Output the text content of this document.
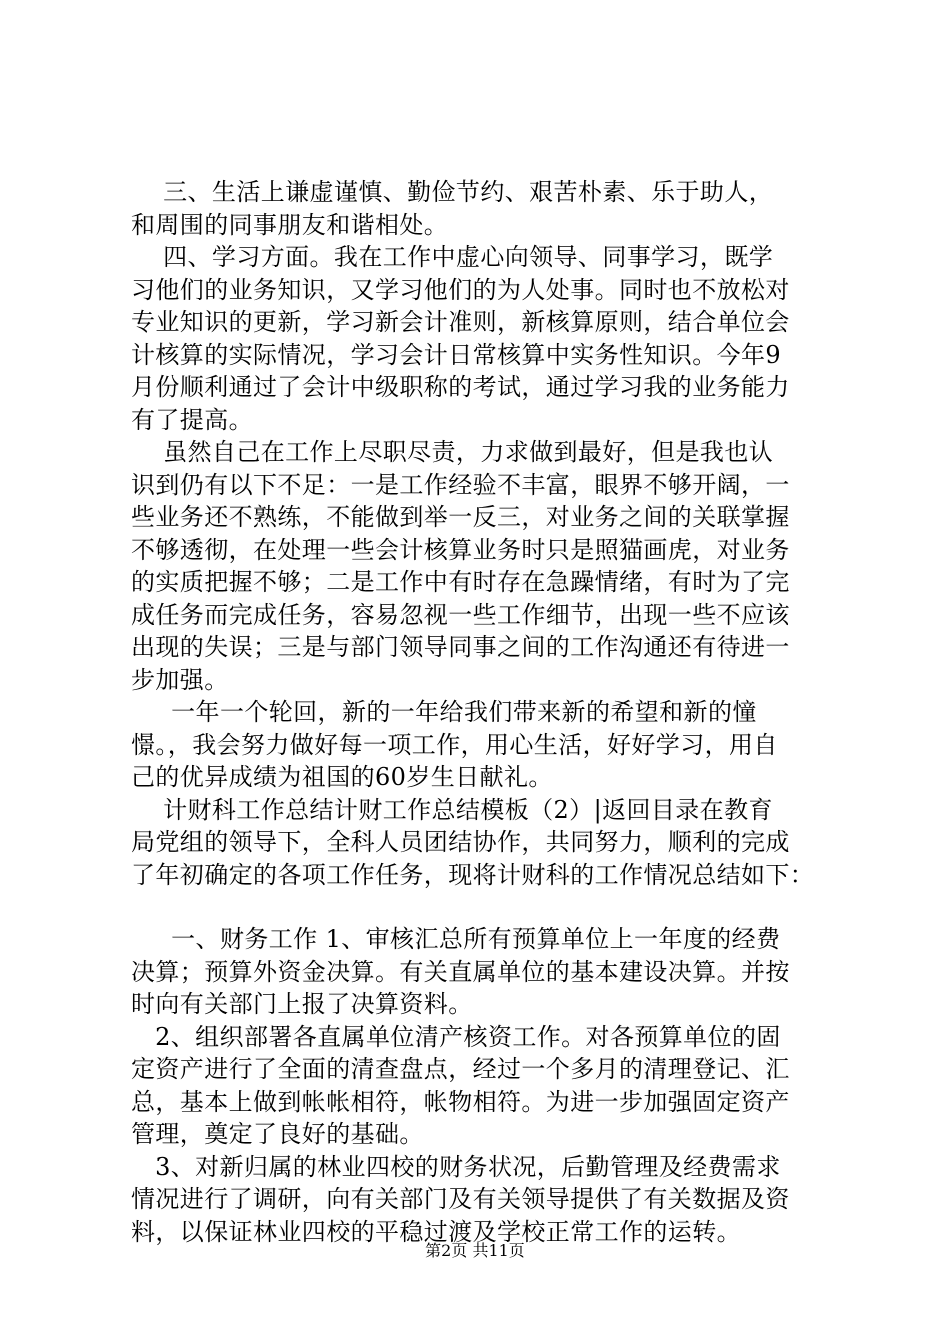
三、生活上谦虚谨慎、勤俭节约、艰苦朴素、乐于助人，
和周围的同事朋友和谐相处。
四、学习方面。我在工作中虚心向领导、同事学习，既学
习他们的业务知识，又学习他们的为人处事。同时也不放松对
专业知识的更新，学习新会计准则，新核算原则，结合单位会
计核算的实际情况，学习会计日常核算中实务性知识。今年9
月份顺利通过了会计中级职称的考试，通过学习我的业务能力
有了提高。
虽然自己在工作上尽职尽责，力求做到最好，但是我也认
识到仍有以下不足：一是工作经验不丰富，眼界不够开阔，一
些业务还不熟练，不能做到举一反三，对业务之间的关联掌握
不够透彻，在处理一些会计核算业务时只是照猫画虎，对业务
的实质把握不够；二是工作中有时存在急躁情绪，有时为了完
成任务而完成任务，容易忽视一些工作细节，出现一些不应该
出现的失误；三是与部门领导同事之间的工作沟通还有待进一
步加强。
一年一个轮回，新的一年给我们带来新的希望和新的憧
憬。，我会努力做好每一项工作，用心生活，好好学习，用自
己的优异成绩为祖国的60岁生日献礼。
计财科工作总结计财工作总结模板（2）|返回目录在教育
局党组的领导下，全科人员团结协作，共同努力，顺利的完成
了年初确定的各项工作任务，现将计财科的工作情况总结如下：
一、财务工作 1、审核汇总所有预算单位上一年度的经费
决算；预算外资金决算。有关直属单位的基本建设决算。并按
时向有关部门上报了决算资料。
2、组织部署各直属单位清产核资工作。对各预算单位的固
定资产进行了全面的清查盘点，经过一个多月的清理登记、汇
总，基本上做到帐帐相符，帐物相符。为进一步加强固定资产
管理，奠定了良好的基础。
3、对新归属的林业四校的财务状况，后勤管理及经费需求
情况进行了调研，向有关部门及有关领导提供了有关数据及资
料，以保证林业四校的平稳过渡及学校正常工作的运转。
第2页 共11页
